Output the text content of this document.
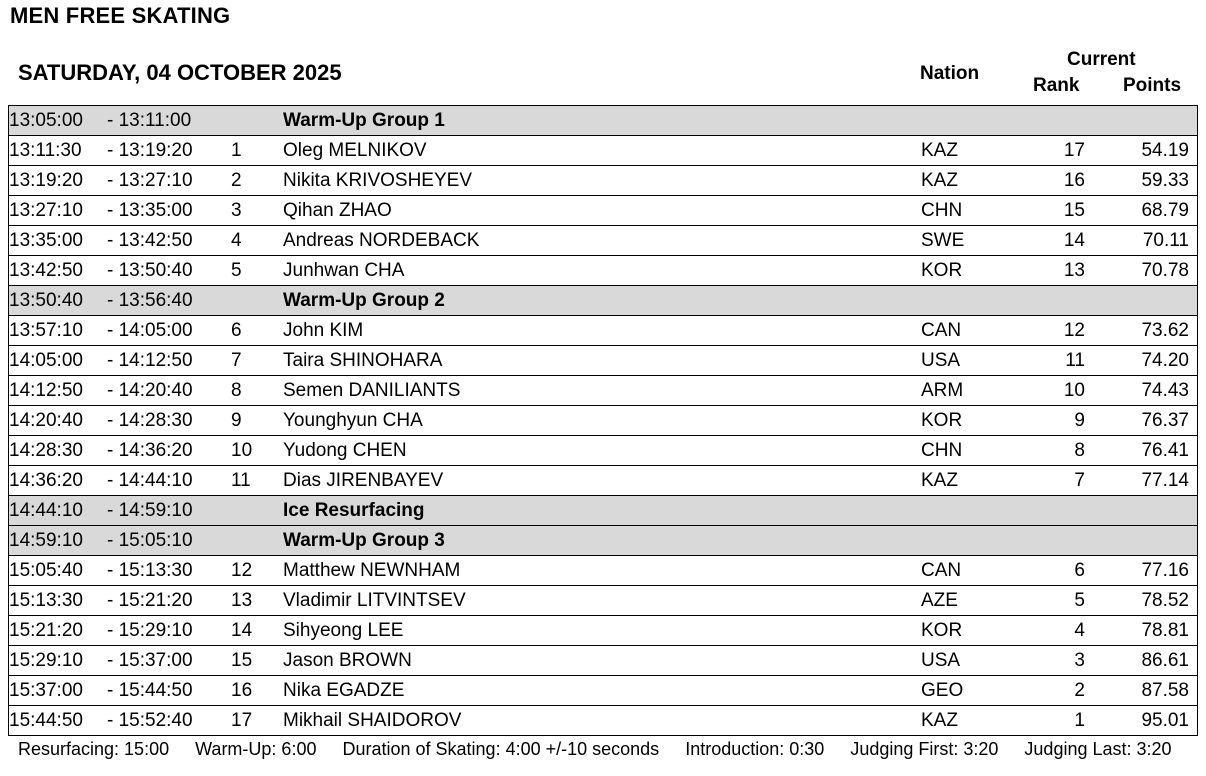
MEN FREE SKATING
SATURDAY, 04 OCTOBER 2025	Nation
Current
Rank Points
13:05:00 - 13:11:00	Warm-Up Group 1
13:11:30 - 13:19:20 1 Oleg MELNIKOV	KAZ	17	54.19
13:19:20 - 13:27:10 2 Nikita KRIVOSHEYEV	KAZ	16	59.33
13:27:10 - 13:35:00 3 Qihan ZHAO	CHN	15	68.79
13:35:00 - 13:42:50 4 Andreas NORDEBACK	SWE	14	70.11
13:42:50 - 13:50:40 5 Junhwan CHA	KOR	13	70.78
13:50:40 - 13:56:40	Warm-Up Group 2
13:57:10 - 14:05:00 6 John KIM	CAN	12	73.62
14:05:00 - 14:12:50 7 Taira SHINOHARA	USA	11	74.20
14:12:50 - 14:20:40 8 Semen DANILIANTS	ARM	10	74.43
14:20:40 - 14:28:30 9 Younghyun CHA	KOR	9	76.37
14:28:30 - 14:36:20 10 Yudong CHEN	CHN	8	76.41
14:36:20 - 14:44:10 11 Dias JIRENBAYEV	KAZ	7	77.14
14:44:10 - 14:59:10	Ice Resurfacing
14:59:10 - 15:05:10	Warm-Up Group 3
15:05:40 - 15:13:30 12 Matthew NEWNHAM	CAN	6	77.16
15:13:30 - 15:21:20 13 Vladimir LITVINTSEV	AZE	5	78.52
15:21:20 - 15:29:10 14 Sihyeong LEE	KOR	4	78.81
15:29:10 - 15:37:00 15 Jason BROWN	USA	3	86.61
15:37:00 - 15:44:50 16 Nika EGADZE	GEO	2	87.58
15:44:50 - 15:52:40 17 Mikhail SHAIDOROV	KAZ	1	95.01
Resurfacing: 15:00 Warm-Up: 6:00 Duration of Skating: 4:00 +/-10 seconds Introduction: 0:30 Judging First: 3:20 Judging Last: 3:20
